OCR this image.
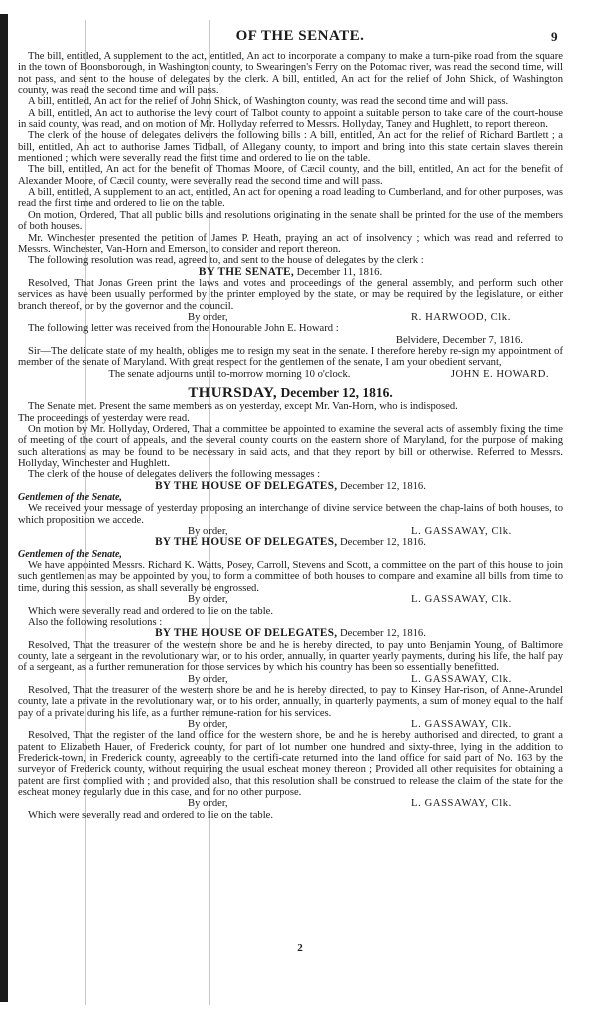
OF THE SENATE.	9

The bill, entitled, A supplement to the act, entitled, An act to incorporate a company to make a turn-pike road from the square in the town of Boonsborough, in Washington county, to Swearingen's Ferry on the Potomac river, was read the second time, will not pass, and sent to the house of delegates by the clerk. A bill, entitled, An act for the relief of John Shick, of Washington county, was read the second time and will pass.

A bill, entitled, An act for the relief of John Shick, of Washington county, was read the second time and will pass.

A bill, entitled, An act to authorise the levy court of Talbot county to appoint a suitable person to take care of the court-house in said county, was read, and on motion of Mr. Hollyday referred to Messrs. Hollyday, Taney and Hughlett, to report thereon.

The clerk of the house of delegates delivers the following bills : A bill, entitled, An act for the relief of Richard Bartlett ; a bill, entitled, An act to authorise James Tidball, of Allegany county, to import and bring into this state certain slaves therein mentioned ; which were severally read the first time and ordered to lie on the table.

The bill, entitled, An act for the benefit of Thomas Moore, of Cæcil county, and the bill, entitled, An act for the benefit of Alexander Moore, of Cæcil county, were severally read the second time and will pass.

A bill, entitled, A supplement to an act, entitled, An act for opening a road leading to Cumberland, and for other purposes, was read the first time and ordered to lie on the table.

On motion, Ordered, That all public bills and resolutions originating in the senate shall be printed for the use of the members of both houses.

Mr. Winchester presented the petition of James P. Heath, praying an act of insolvency ; which was read and referred to Messrs. Winchester, Van-Horn and Emerson, to consider and report thereon.

The following resolution was read, agreed to, and sent to the house of delegates by the clerk :

BY THE SENATE, December 11, 1816.

Resolved, That Jonas Green print the laws and votes and proceedings of the general assembly, and perform such other services as have been usually performed by the printer employed by the state, or may be required by the legislature, or either branch thereof, or by the governor and the council.

By order,	R. HARWOOD, Clk.

The following letter was received from the Honourable John E. Howard :

Belvidere, December 7, 1816.

Sir—The delicate state of my health, obliges me to resign my seat in the senate. I therefore hereby re-sign my appointment of member of the senate of Maryland. With great respect for the gentlemen of the senate, I am your obedient servant,
JOHN E. HOWARD.

The senate adjourns until to-morrow morning 10 o'clock.

THURSDAY, December 12, 1816.

The Senate met. Present the same members as on yesterday, except Mr. Van-Horn, who is indisposed.

The proceedings of yesterday were read.

On motion by Mr. Hollyday, Ordered, That a committee be appointed to examine the several acts of assembly fixing the time of meeting of the court of appeals, and the several county courts on the eastern shore of Maryland, for the purpose of making such alterations as may be found to be necessary in said acts, and that they report by bill or otherwise. Referred to Messrs. Hollyday, Winchester and Hughlett.

The clerk of the house of delegates delivers the following messages :

BY THE HOUSE OF DELEGATES, December 12, 1816.

Gentlemen of the Senate,

We received your message of yesterday proposing an interchange of divine service between the chap-lains of both houses, to which proposition we accede.

By order,	L. GASSAWAY, Clk.

BY THE HOUSE OF DELEGATES, December 12, 1816.

Gentlemen of the Senate,

We have appointed Messrs. Richard K. Watts, Posey, Carroll, Stevens and Scott, a committee on the part of this house to join such gentlemen as may be appointed by you, to form a committee of both houses to compare and examine all bills from time to time, during this session, as shall severally be engrossed.

By order,	L. GASSAWAY, Clk.

Which were severally read and ordered to lie on the table.

Also the following resolutions :

BY THE HOUSE OF DELEGATES, December 12, 1816.

Resolved, That the treasurer of the western shore be and he is hereby directed, to pay unto Benjamin Young, of Baltimore county, late a sergeant in the revolutionary war, or to his order, annually, in quarter yearly payments, during his life, the half pay of a sergeant, as a further remuneration for those services by which his country has been so essentially benefitted.

By order,	L. GASSAWAY, Clk.

Resolved, That the treasurer of the western shore be and he is hereby directed, to pay to Kinsey Har-rison, of Anne-Arundel county, late a private in the revolutionary war, or to his order, annually, in quarterly payments, a sum of money equal to the half pay of a private during his life, as a further remune-ration for his services.

By order,	L. GASSAWAY, Clk.

Resolved, That the register of the land office for the western shore, be and he is hereby authorised and directed, to grant a patent to Elizabeth Hauer, of Frederick county, for part of lot number one hundred and sixty-three, lying in the addition to Frederick-town, in Frederick county, agreeably to the certifi-cate returned into the land office for said part of No. 163 by the surveyor of Frederick county, without requiring the usual escheat money thereon ; Provided all other requisites for obtaining a patent are first complied with ; and provided also, that this resolution shall be construed to release the claim of the state for the escheat money regularly due in this case, and for no other purpose.

By order,	L. GASSAWAY, Clk.

Which were severally read and ordered to lie on the table.

2
